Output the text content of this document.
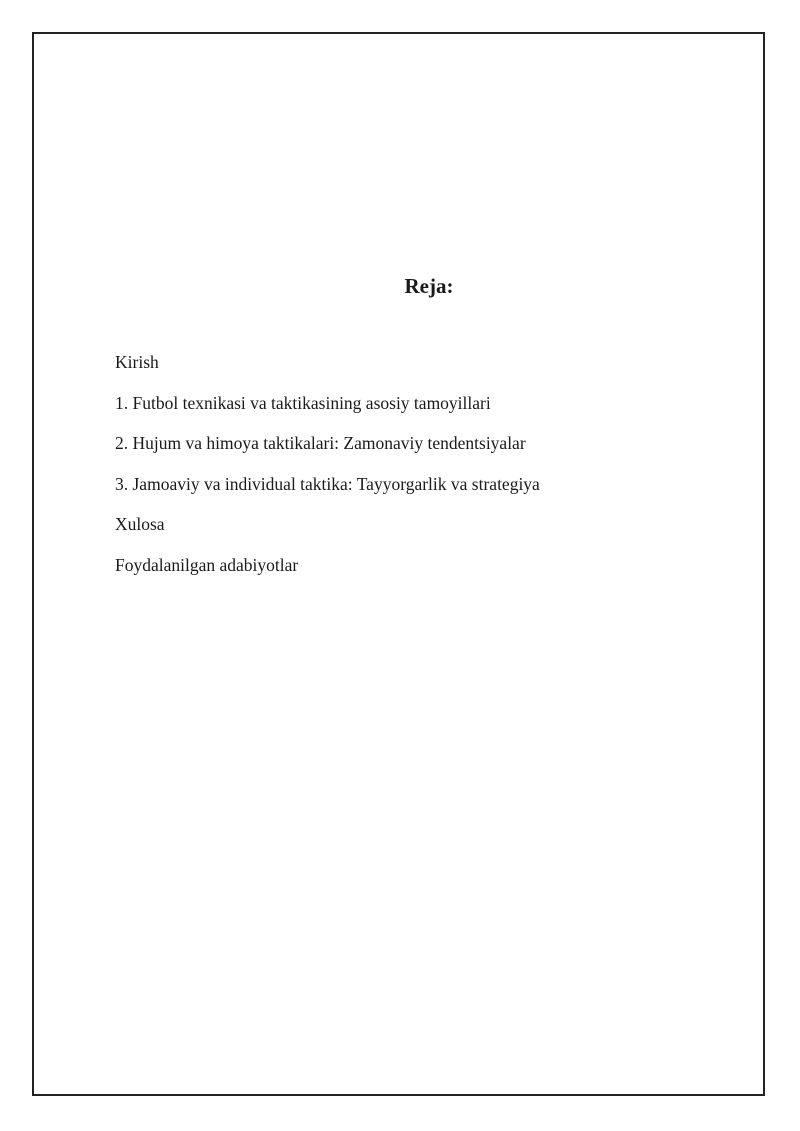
Reja:
Kirish
1. Futbol texnikasi va taktikasining asosiy tamoyillari
2. Hujum va himoya taktikalari: Zamonaviy tendentsiyalar
3. Jamoaviy va individual taktika: Tayyorgarlik va strategiya
Xulosa
Foydalanilgan adabiyotlar
